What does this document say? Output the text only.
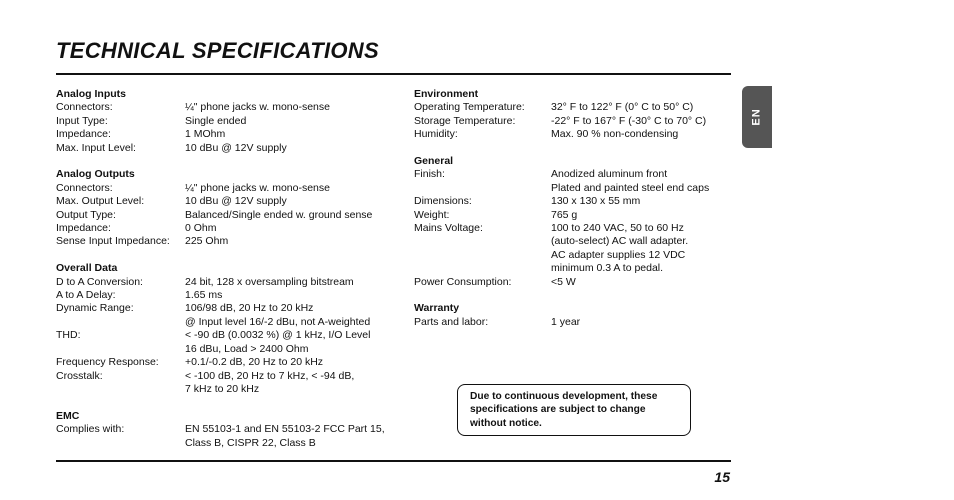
TECHNICAL SPECIFICATIONS
EN
Analog Inputs
Connectors:	¼" phone jacks w. mono-sense
Input Type:	Single ended
Impedance:	1 MOhm
Max. Input Level:	10 dBu @ 12V supply
Analog Outputs
Connectors:	¼" phone jacks w. mono-sense
Max. Output Level:	10 dBu @ 12V supply
Output Type:	Balanced/Single ended w. ground sense
Impedance:	0 Ohm
Sense Input Impedance:	225 Ohm
Overall Data
D to A Conversion:	24 bit, 128 x oversampling bitstream
A to A Delay:	1.65 ms
Dynamic Range:	106/98 dB, 20 Hz to 20 kHz
@ Input level 16/-2 dBu, not A-weighted
THD:	< -90 dB (0.0032 %) @ 1 kHz, I/O Level
16 dBu, Load > 2400 Ohm
Frequency Response:	+0.1/-0.2 dB, 20 Hz to 20 kHz
Crosstalk:	< -100 dB, 20 Hz to 7 kHz, < -94 dB,
7 kHz to 20 kHz
EMC
Complies with:	EN 55103-1 and EN 55103-2 FCC Part 15,
Class B, CISPR 22, Class B
Environment
Operating Temperature:	32° F to 122° F (0° C to 50° C)
Storage Temperature:	-22° F to 167° F (-30° C to 70° C)
Humidity:	Max. 90 % non-condensing
General
Finish:	Anodized aluminum front
Plated and painted steel end caps
Dimensions:	130 x 130 x 55 mm
Weight:	765 g
Mains Voltage:	100 to 240 VAC, 50 to 60 Hz
(auto-select) AC wall adapter.
AC adapter supplies 12 VDC
minimum 0.3 A to pedal.
Power Consumption:	<5 W
Warranty
Parts and labor:	1 year
Due to continuous development, these specifications are subject to change without notice.
15
